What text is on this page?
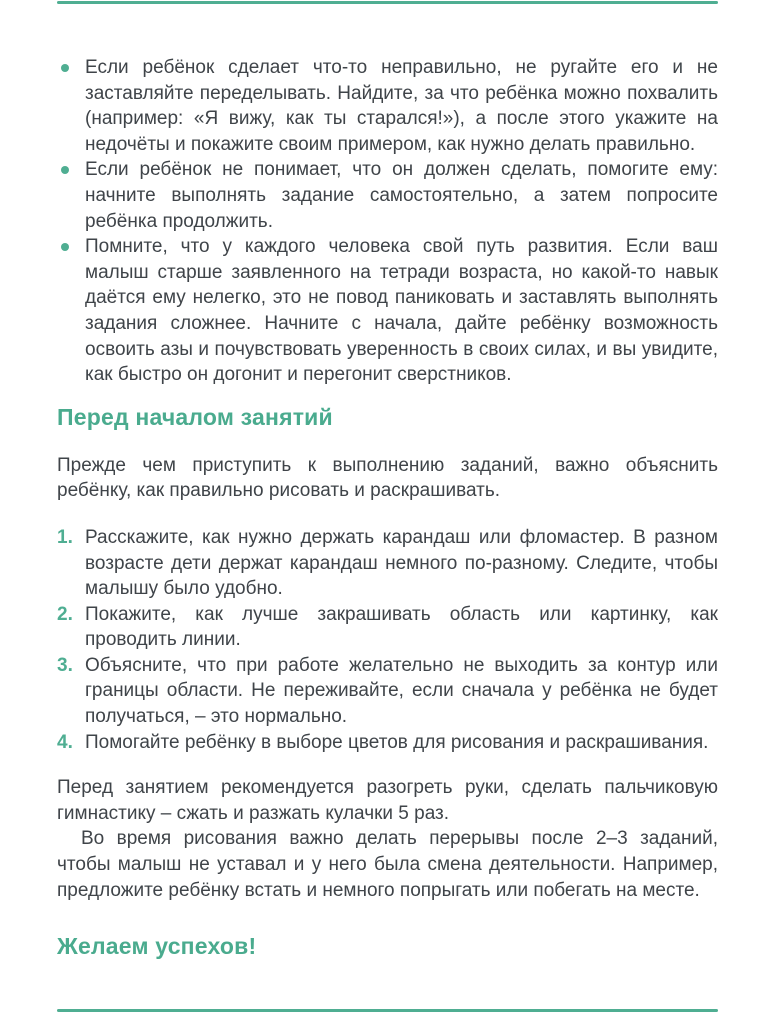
Если ребёнок сделает что-то неправильно, не ругайте его и не заставляйте переделывать. Найдите, за что ребёнка можно похвалить (например: «Я вижу, как ты старался!»), а после этого укажите на недочёты и покажите своим примером, как нужно делать правильно.
Если ребёнок не понимает, что он должен сделать, помогите ему: начните выполнять задание самостоятельно, а затем попросите ребёнка продолжить.
Помните, что у каждого человека свой путь развития. Если ваш малыш старше заявленного на тетради возраста, но какой-то навык даётся ему нелегко, это не повод паниковать и заставлять выполнять задания сложнее. Начните с начала, дайте ребёнку возможность освоить азы и почувствовать уверенность в своих силах, и вы увидите, как быстро он догонит и перегонит сверстников.
Перед началом занятий

Прежде чем приступить к выполнению заданий, важно объяснить ребёнку, как правильно рисовать и раскрашивать.

1. Расскажите, как нужно держать карандаш или фломастер. В разном возрасте дети держат карандаш немного по-разному. Следите, чтобы малышу было удобно.
2. Покажите, как лучше закрашивать область или картинку, как проводить линии.
3. Объясните, что при работе желательно не выходить за контур или границы области. Не переживайте, если сначала у ребёнка не будет получаться, – это нормально.
4. Помогайте ребёнку в выборе цветов для рисования и раскрашивания.

Перед занятием рекомендуется разогреть руки, сделать пальчиковую гимнастику – сжать и разжать кулачки 5 раз.

Во время рисования важно делать перерывы после 2–3 заданий, чтобы малыш не уставал и у него была смена деятельности. Например, предложите ребёнку встать и немного попрыгать или побегать на месте.

Желаем успехов!
